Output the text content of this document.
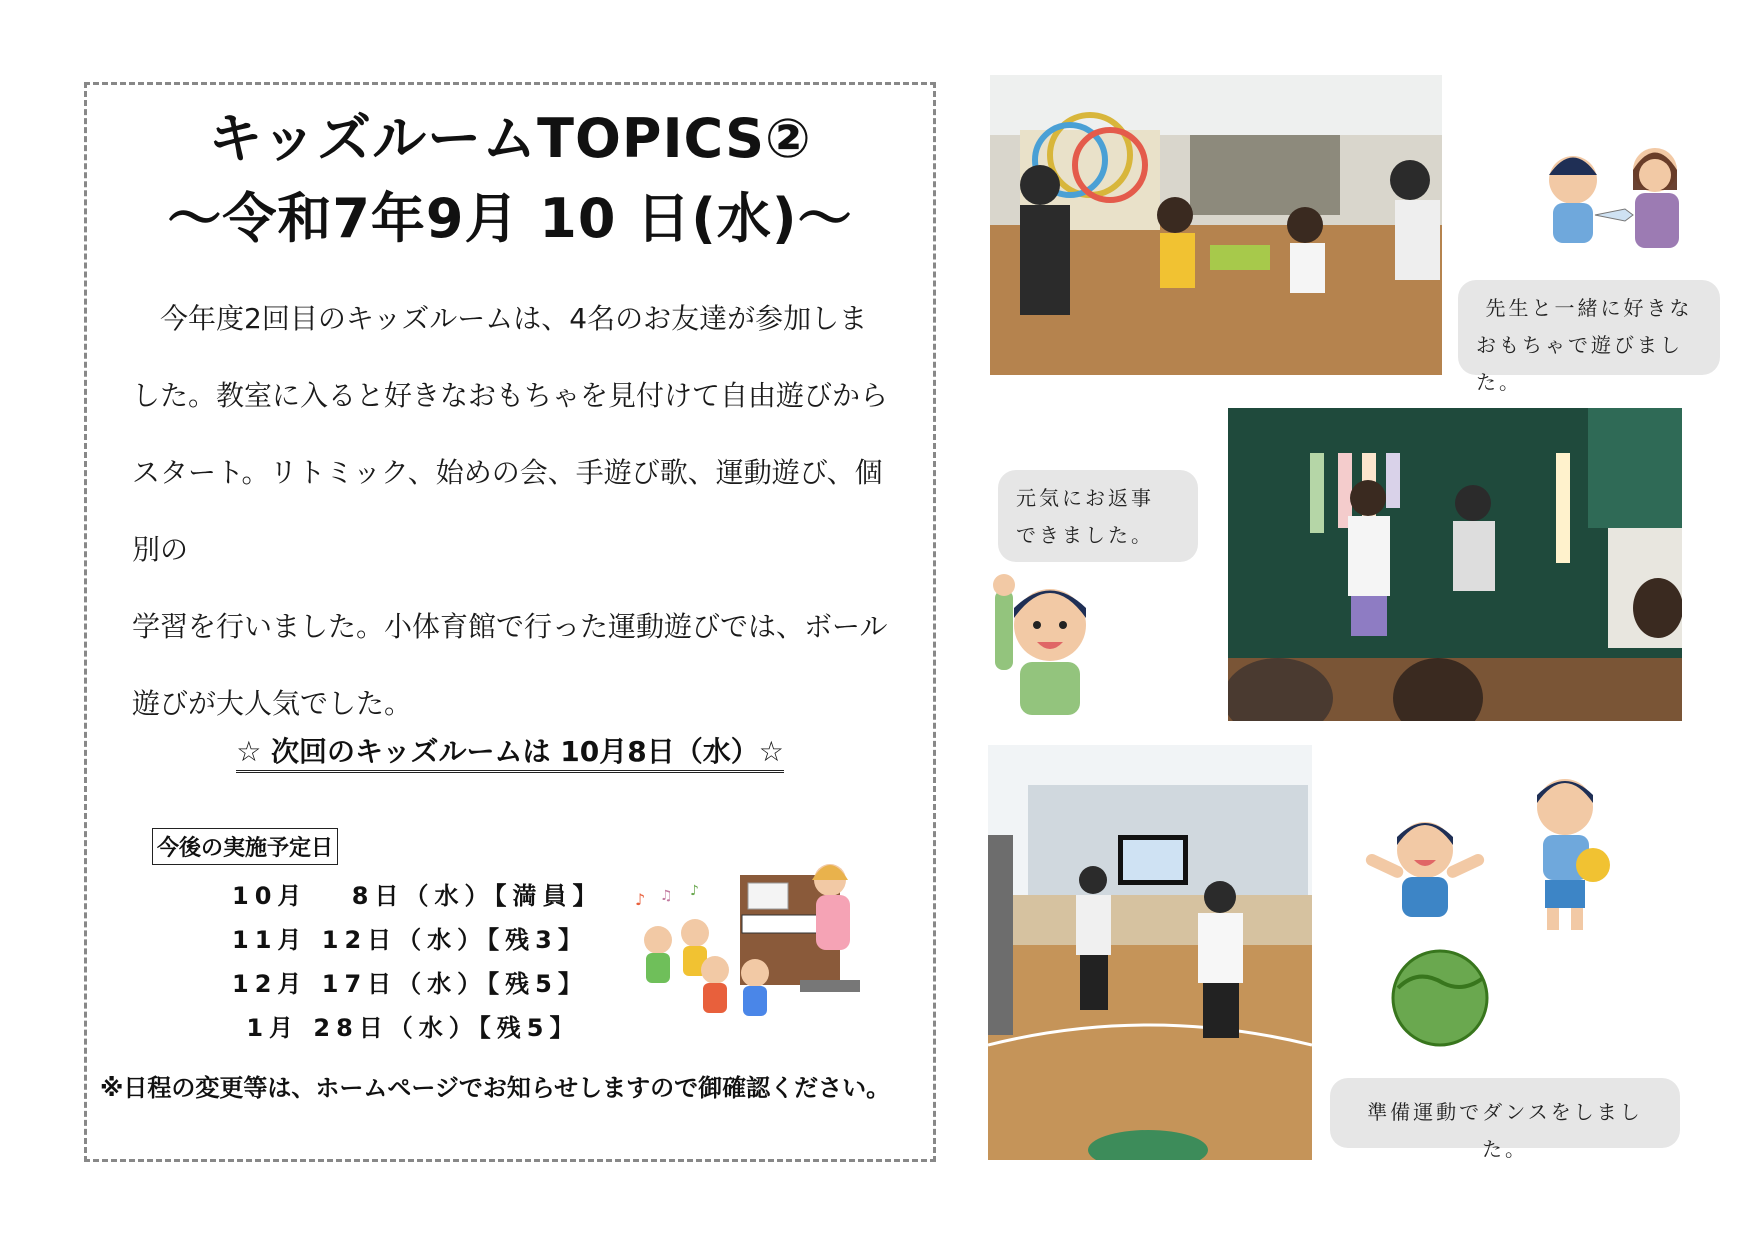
キッズルームTOPICS②
〜令和7年9月 10 日(水)〜

今年度2回目のキッズルームは、4名のお友達が参加しま

した。教室に入ると好きなおもちゃを見付けて自由遊びから
スタート。リトミック、始めの会、手遊び歌、運動遊び、個別の
学習を行いました。小体育館で行った運動遊びでは、ボール
遊びが大人気でした。
☆ 次回のキッズルームは 10月8日（水）☆
今後の実施予定日
10月　 8日（水）【満員】
11月 12日（水）【残3】
12月 17日（水）【残5】
1月 28日（水）【残5】
♪ ♫ ♪
※日程の変更等は、ホームページでお知らせしますので御確認ください。

先生と一緒に好きな

おもちゃで遊びました。

元気にお返事

できました。

準備運動でダンスをしました。
